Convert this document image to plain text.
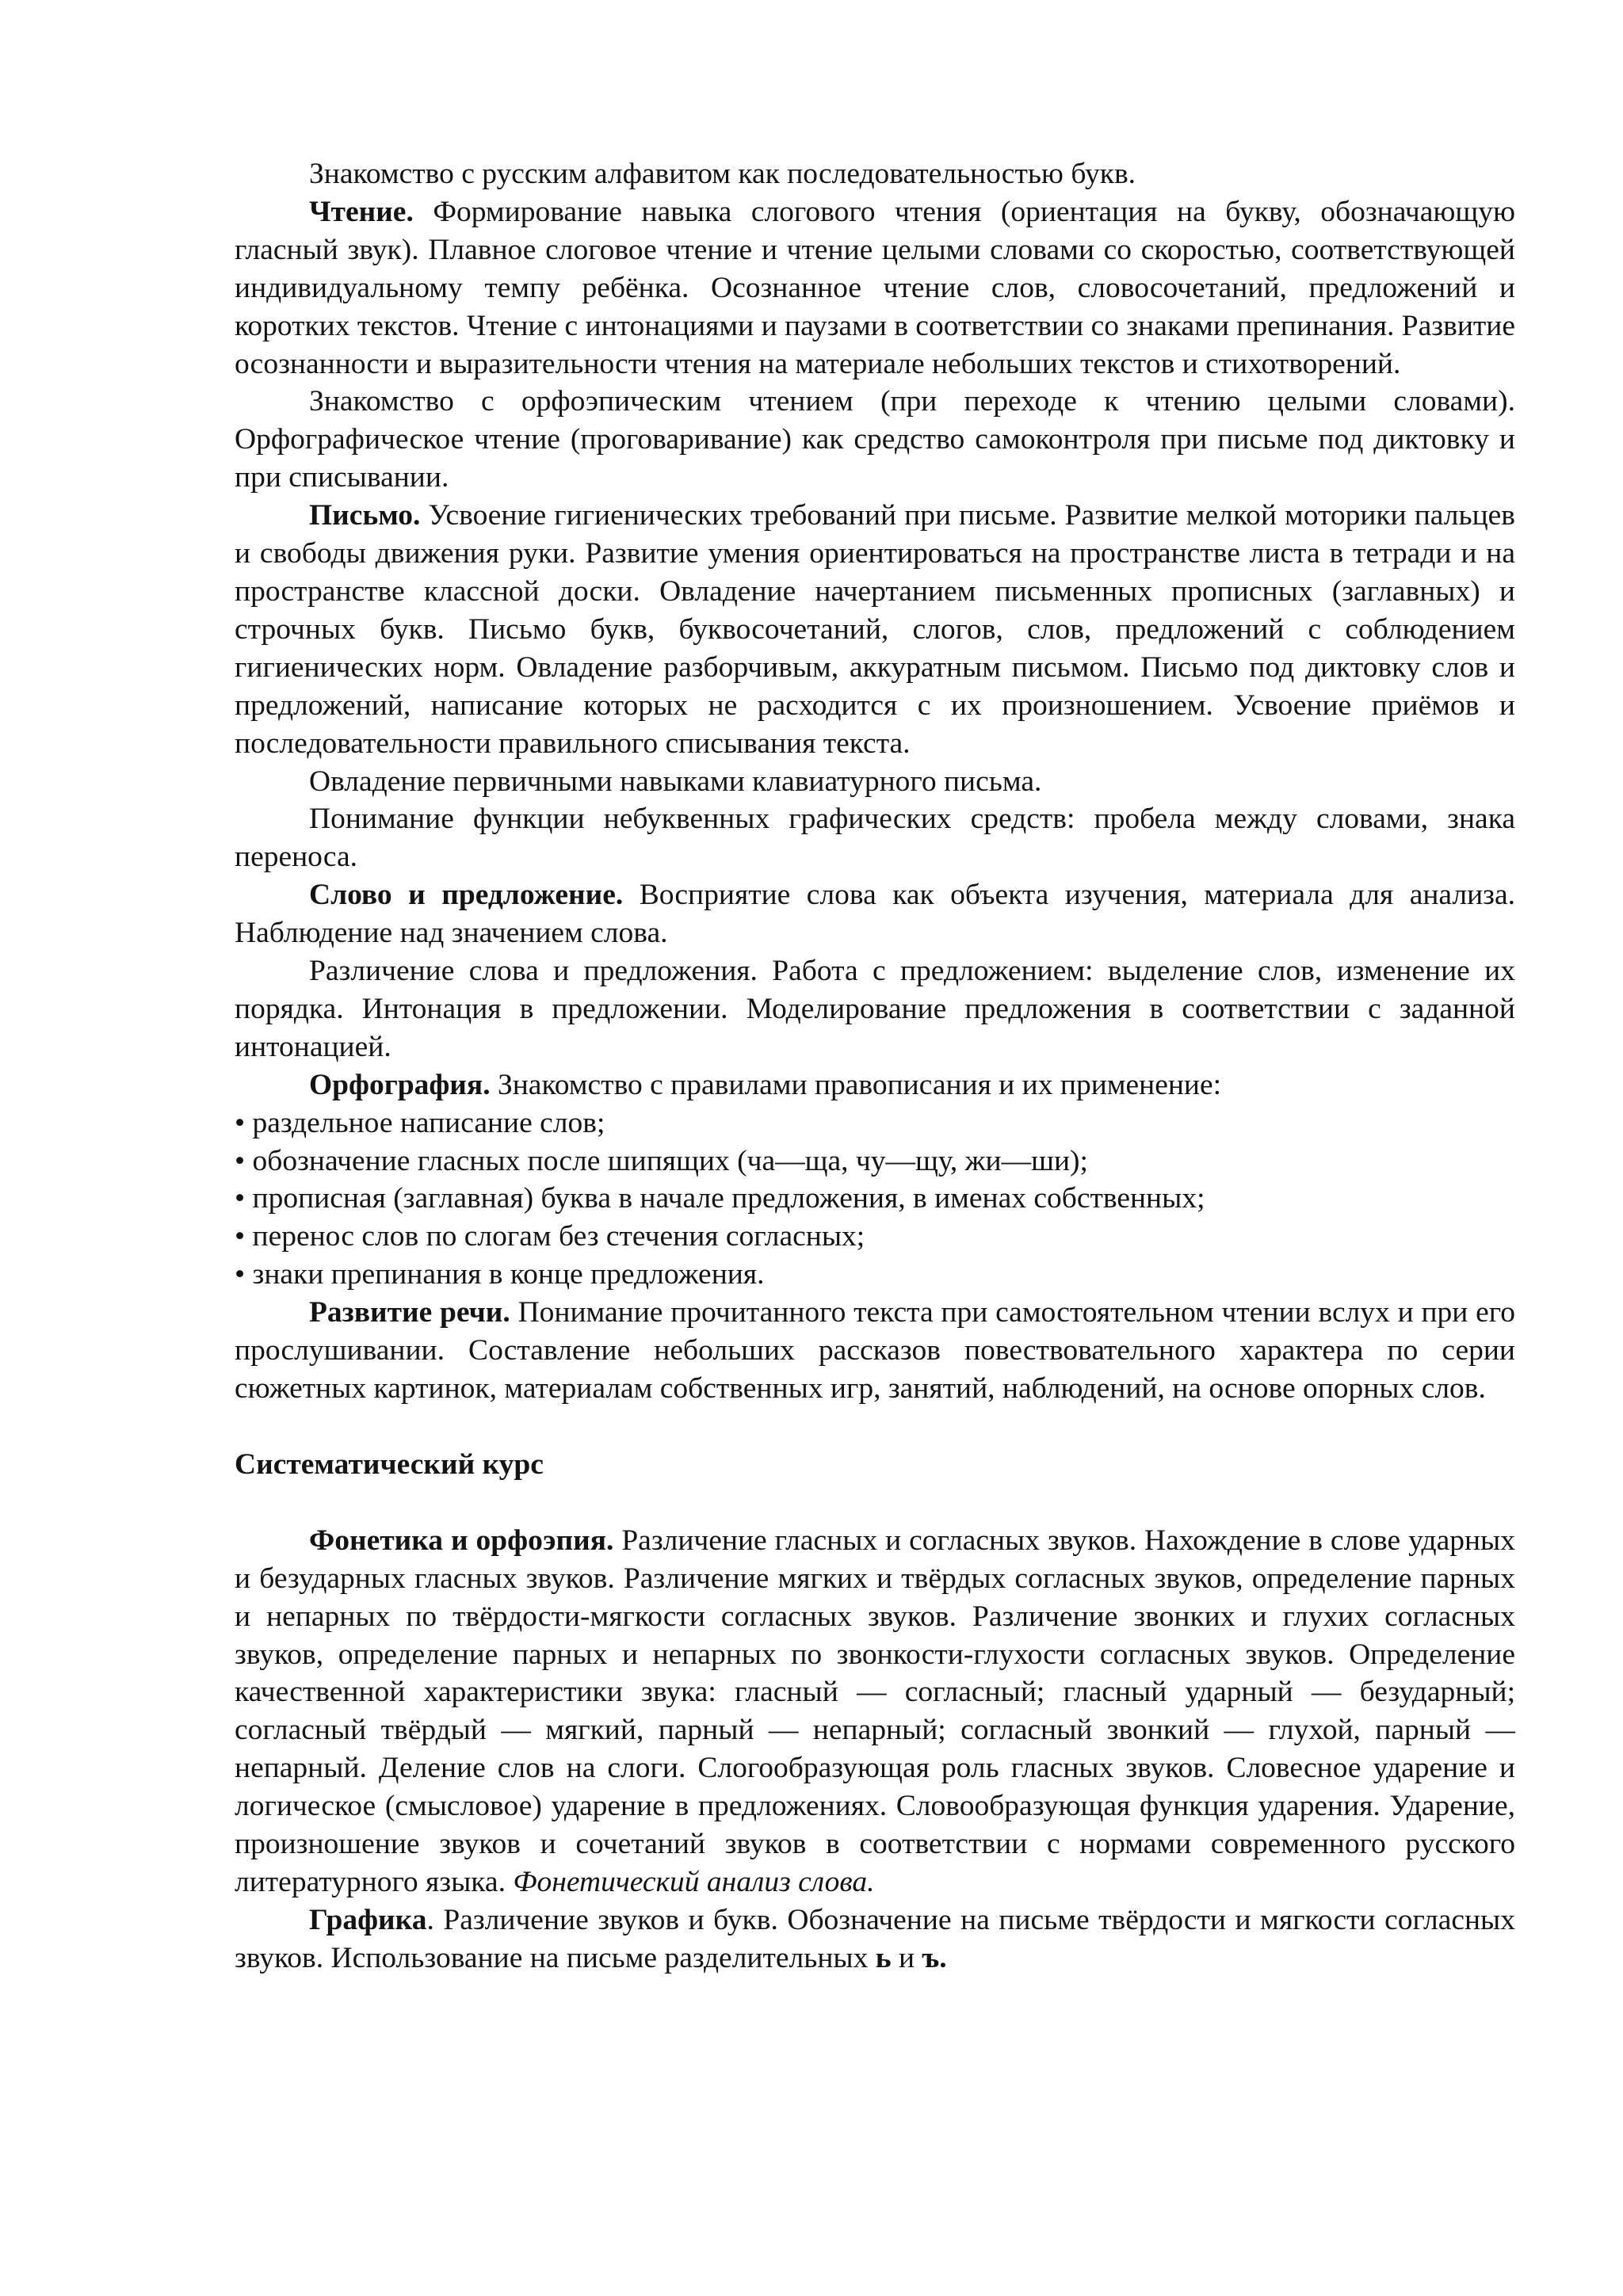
Знакомство с русским алфавитом как последовательностью букв.

Чтение. Формирование навыка слогового чтения (ориентация на букву, обозначающую гласный звук). Плавное слоговое чтение и чтение целыми словами со скоростью, соответствующей индивидуальному темпу ребёнка. Осознанное чтение слов, словосочетаний, предложений и коротких текстов. Чтение с интонациями и паузами в соответствии со знаками препинания. Развитие осознанности и выразительности чтения на материале небольших текстов и стихотворений.

Знакомство с орфоэпическим чтением (при переходе к чтению целыми словами). Орфографическое чтение (проговаривание) как средство самоконтроля при письме под диктовку и при списывании.

Письмо. Усвоение гигиенических требований при письме. Развитие мелкой моторики пальцев и свободы движения руки. Развитие умения ориентироваться на пространстве листа в тетради и на пространстве классной доски. Овладение начертанием письменных прописных (заглавных) и строчных букв. Письмо букв, буквосочетаний, слогов, слов, предложений с соблюдением гигиенических норм. Овладение разборчивым, аккуратным письмом. Письмо под диктовку слов и предложений, написание которых не расходится с их произношением. Усвоение приёмов и последовательности правильного списывания текста.

Овладение первичными навыками клавиатурного письма.

Понимание функции небуквенных графических средств: пробела между словами, знака переноса.

Слово и предложение. Восприятие слова как объекта изучения, материала для анализа. Наблюдение над значением слова.

Различение слова и предложения. Работа с предложением: выделение слов, изменение их порядка. Интонация в предложении. Моделирование предложения в соответствии с заданной интонацией.

Орфография. Знакомство с правилами правописания и их применение:

• раздельное написание слов;

• обозначение гласных после шипящих (ча—ща, чу—щу, жи—ши);

• прописная (заглавная) буква в начале предложения, в именах собственных;

• перенос слов по слогам без стечения согласных;

• знаки препинания в конце предложения.

Развитие речи. Понимание прочитанного текста при самостоятельном чтении вслух и при его прослушивании. Составление небольших рассказов повествовательного характера по серии сюжетных картинок, материалам собственных игр, занятий, наблюдений, на основе опорных слов.

Систематический курс

Фонетика и орфоэпия. Различение гласных и согласных звуков. Нахождение в слове ударных и безударных гласных звуков. Различение мягких и твёрдых согласных звуков, определение парных и непарных по твёрдости-мягкости согласных звуков. Различение звонких и глухих согласных звуков, определение парных и непарных по звонкости-глухости согласных звуков. Определение качественной характеристики звука: гласный — согласный; гласный ударный — безударный; согласный твёрдый — мягкий, парный — непарный; согласный звонкий — глухой, парный — непарный. Деление слов на слоги. Слогообразующая роль гласных звуков. Словесное ударение и логическое (смысловое) ударение в предложениях. Словообразующая функция ударения. Ударение, произношение звуков и сочетаний звуков в соответствии с нормами современного русского литературного языка. Фонетический анализ слова.

Графика. Различение звуков и букв. Обозначение на письме твёрдости и мягкости согласных звуков. Использование на письме разделительных ь и ъ.
